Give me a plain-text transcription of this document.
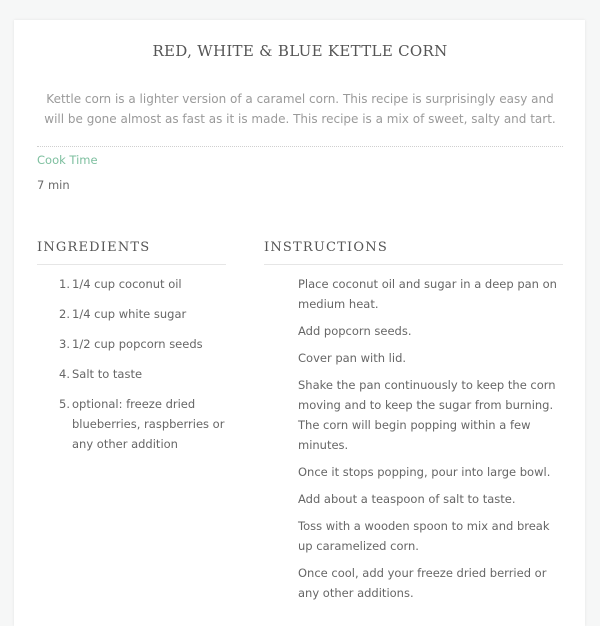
RED, WHITE & BLUE KETTLE CORN
Kettle corn is a lighter version of a caramel corn. This recipe is surprisingly easy and will be gone almost as fast as it is made. This recipe is a mix of sweet, salty and tart.
Cook Time
7 min
INGREDIENTS	INSTRUCTIONS
1. 1/4 cup coconut oil
2. 1/4 cup white sugar
3. 1/2 cup popcorn seeds
4. Salt to taste
5. optional: freeze dried blueberries, raspberries or any other addition
Place coconut oil and sugar in a deep pan on medium heat.
Add popcorn seeds.
Cover pan with lid.
Shake the pan continuously to keep the corn moving and to keep the sugar from burning. The corn will begin popping within a few minutes.
Once it stops popping, pour into large bowl.
Add about a teaspoon of salt to taste.
Toss with a wooden spoon to mix and break up caramelized corn.
Once cool, add your freeze dried berried or any other additions.
